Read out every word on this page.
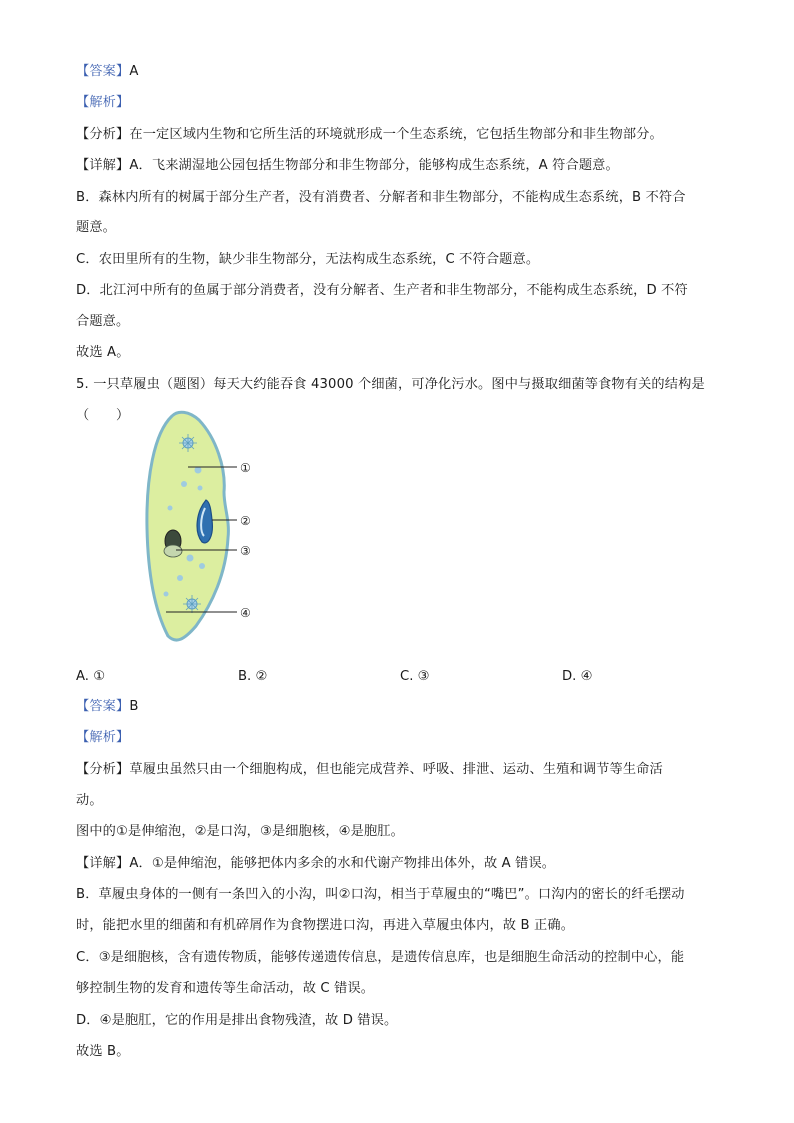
【答案】A
【解析】
【分析】在一定区域内生物和它所生活的环境就形成一个生态系统，它包括生物部分和非生物部分。
【详解】A．飞来湖湿地公园包括生物部分和非生物部分，能够构成生态系统，A 符合题意。
B．森林内所有的树属于部分生产者，没有消费者、分解者和非生物部分，不能构成生态系统，B 不符合
题意。
C．农田里所有的生物，缺少非生物部分，无法构成生态系统，C 不符合题意。
D．北江河中所有的鱼属于部分消费者，没有分解者、生产者和非生物部分，不能构成生态系统，D 不符
合题意。
故选 A。
5. 一只草履虫（题图）每天大约能吞食 43000 个细菌，可净化污水。图中与摄取细菌等食物有关的结构是
（　　）
①
②
③
④
A. ①	B. ②	C. ③	D. ④
【答案】B
【解析】
【分析】草履虫虽然只由一个细胞构成，但也能完成营养、呼吸、排泄、运动、生殖和调节等生命活
动。
图中的①是伸缩泡，②是口沟，③是细胞核，④是胞肛。
【详解】A．①是伸缩泡，能够把体内多余的水和代谢产物排出体外，故 A 错误。
B．草履虫身体的一侧有一条凹入的小沟，叫②口沟，相当于草履虫的“嘴巴”。口沟内的密长的纤毛摆动
时，能把水里的细菌和有机碎屑作为食物摆进口沟，再进入草履虫体内，故 B 正确。
C．③是细胞核，含有遗传物质，能够传递遗传信息，是遗传信息库，也是细胞生命活动的控制中心，能
够控制生物的发育和遗传等生命活动，故 C 错误。
D．④是胞肛，它的作用是排出食物残渣，故 D 错误。
故选 B。
